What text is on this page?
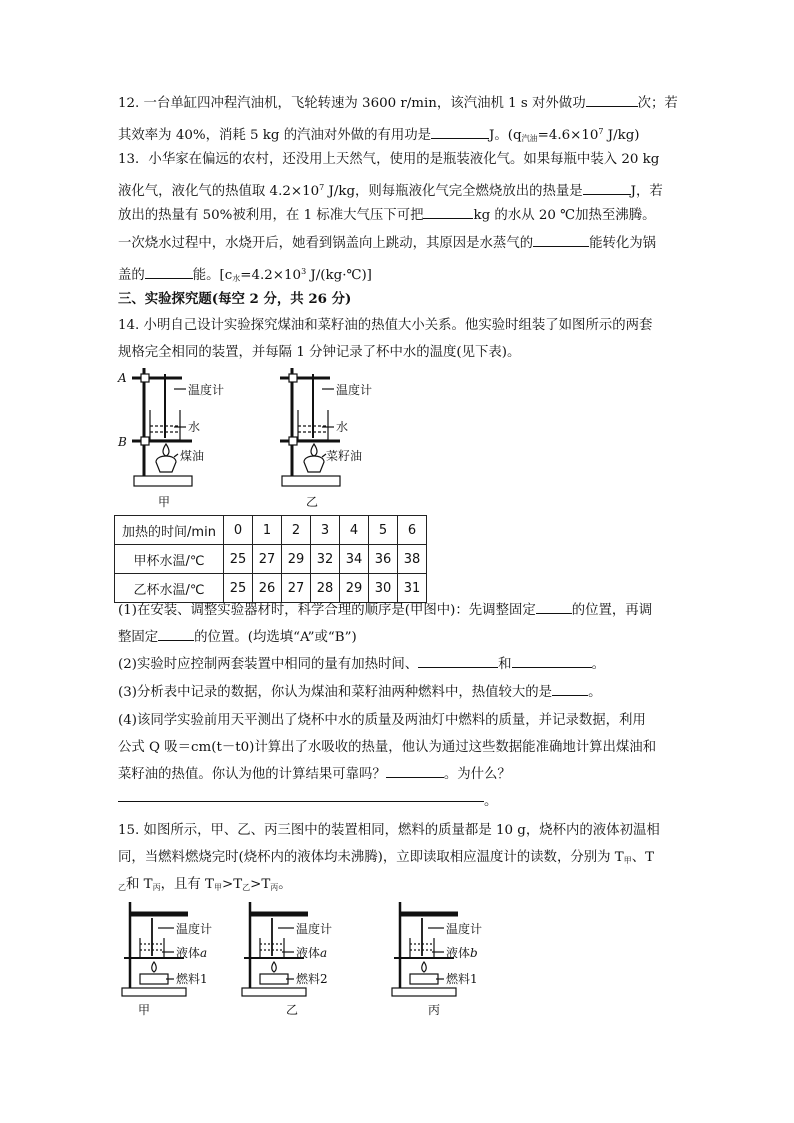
12. 一台单缸四冲程汽油机，飞轮转速为 3600 r/min，该汽油机 1 s 对外做功	次；若
其效率为 40%，消耗 5 kg 的汽油对外做的有用功是	J。($q_{汽油}=4.6\times 10^7$ J/kg)
13．小华家在偏远的农村，还没用上天然气，使用的是瓶装液化气。如果每瓶中装入 20 kg
液化气，液化气的热值取 $4.2\times 10^7$ J/kg，则每瓶液化气完全燃烧放出的热量是	J，若
放出的热量有 50%被利用，在 1 标准大气压下可把	kg 的水从 20 ℃加热至沸腾。
一次烧水过程中，水烧开后，她看到锅盖向上跳动，其原因是水蒸气的	能转化为锅
盖的	能。[$c_水=4.2\times 10^3$ J/(kg·℃)]
三、实验探究题(每空 2 分，共 26 分)
14. 小明自己设计实验探究煤油和菜籽油的热值大小关系。他实验时组装了如图所示的两套
规格完全相同的装置，并每隔 1 分钟记录了杯中水的温度(见下表)。
A
B
温度计
水
煤油
温度计
水
菜籽油
甲	乙
加热的时间/min	0	1	2	3	4	5	6
甲杯水温/℃	25	27	29	32	34	36	38
乙杯水温/℃	25	26	27	28	29	30	31
(1)在安装、调整实验器材时，科学合理的顺序是(甲图中)：先调整固定	的位置，再调
整固定	的位置。(均选填“A”或“B”)
(2)实验时应控制两套装置中相同的量有加热时间、	和	。
(3)分析表中记录的数据，你认为煤油和菜籽油两种燃料中，热值较大的是	。
(4)该同学实验前用天平测出了烧杯中水的质量及两油灯中燃料的质量，并记录数据，利用
公式 Q 吸＝cm(t－t0)计算出了水吸收的热量，他认为通过这些数据能准确地计算出煤油和
菜籽油的热值。你认为他的计算结果可靠吗？	。为什么？
。
15. 如图所示，甲、乙、丙三图中的装置相同，燃料的质量都是 10 g，烧杯内的液体初温相
同，当燃料燃烧完时(烧杯内的液体均未沸腾)，立即读取相应温度计的读数，分别为 $T_甲$、T
$_乙$和 $T_丙$，且有 $T_甲>T_乙>T_丙$。
温度计
液体a
燃料1
温度计
液体a
燃料2
温度计
液体b
燃料1
甲	乙	丙
